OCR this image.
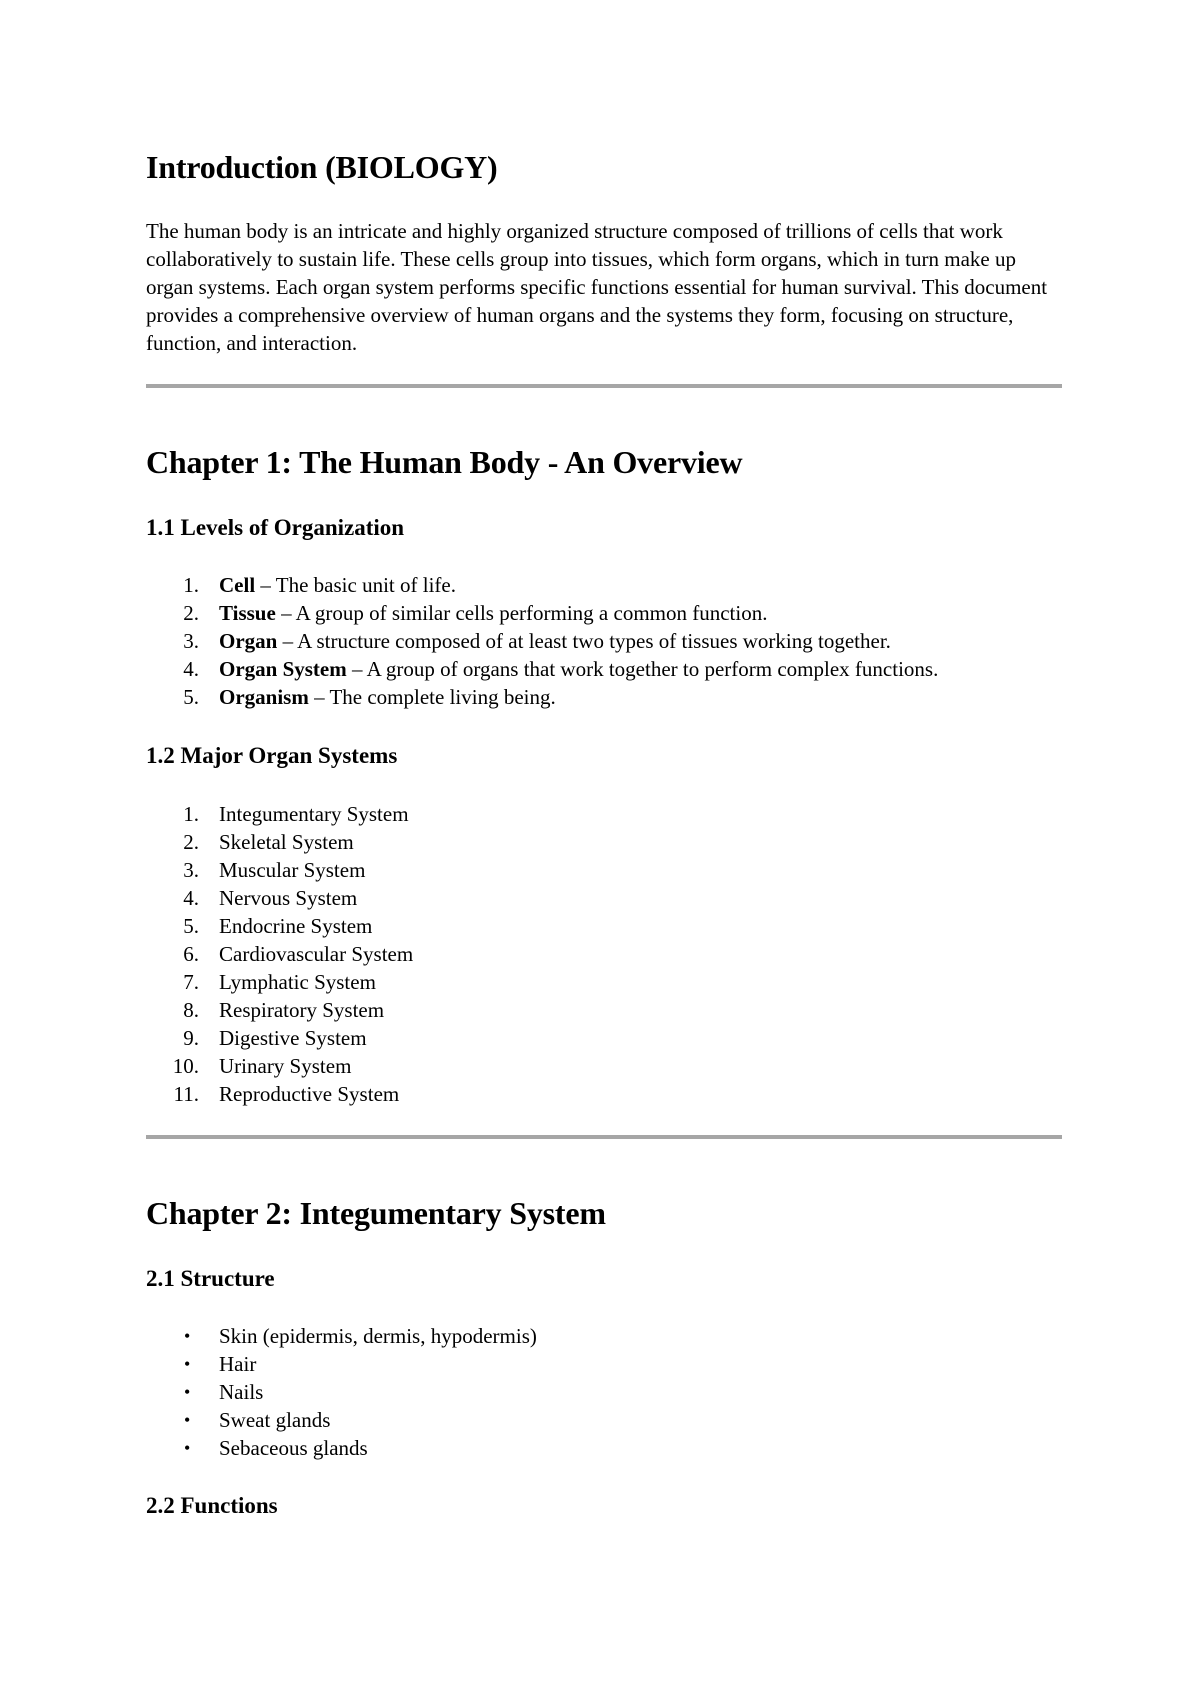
Introduction (BIOLOGY)

The human body is an intricate and highly organized structure composed of trillions of cells that work collaboratively to sustain life. These cells group into tissues, which form organs, which in turn make up organ systems. Each organ system performs specific functions essential for human survival. This document provides a comprehensive overview of human organs and the systems they form, focusing on structure, function, and interaction.

Chapter 1: The Human Body - An Overview
1.1 Levels of Organization
1. Cell – The basic unit of life.
2. Tissue – A group of similar cells performing a common function.
3. Organ – A structure composed of at least two types of tissues working together.
4. Organ System – A group of organs that work together to perform complex functions.
5. Organism – The complete living being.
1.2 Major Organ Systems
1. Integumentary System
2. Skeletal System
3. Muscular System
4. Nervous System
5. Endocrine System
6. Cardiovascular System
7. Lymphatic System
8. Respiratory System
9. Digestive System
10. Urinary System
11. Reproductive System
Chapter 2: Integumentary System
2.1 Structure
• Skin (epidermis, dermis, hypodermis)
• Hair
• Nails
• Sweat glands
• Sebaceous glands
2.2 Functions
